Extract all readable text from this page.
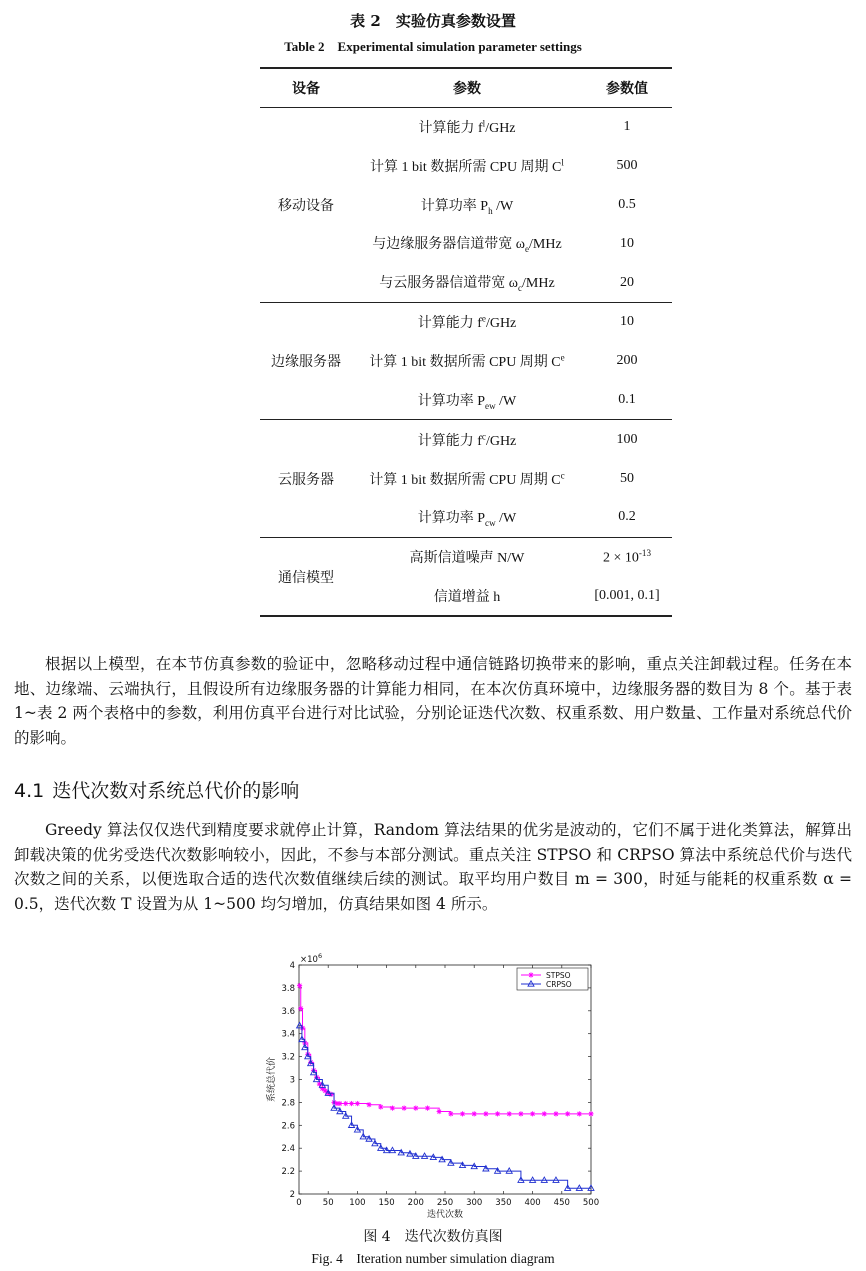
表 2　实验仿真参数设置
Table 2　Experimental simulation parameter settings
设备	参数	参数值
移动设备	计算能力 $f^l$/GHz	1
	计算 1 bit 数据所需 CPU 周期 $C^l$	500
	计算功率 $P_h$ /W	0.5
	与边缘服务器信道带宽 $\omega_e$/MHz	10
	与云服务器信道带宽 $\omega_c$/MHz	20
边缘服务器	计算能力 $f^e$/GHz	10
	计算 1 bit 数据所需 CPU 周期 Ce	200
	计算功率 $P_{ew}$ /W	0.1
云服务器	计算能力 $f^c$/GHz	100
	计算 1 bit 数据所需 CPU 周期 $C^c$	50
	计算功率 $P_{cw}$ /W	0.2
通信模型	高斯信道噪声 N/W	$2 \times 10^{-13}$
	信道增益 h	[0.001, 0.1]

根据以上模型，在本节仿真参数的验证中，忽略移动过程中通信链路切换带来的影响，重点关注卸载过程。任务在本地、边缘端、云端执行，且假设所有边缘服务器的计算能力相同，在本次仿真环境中，边缘服务器的数目为 8 个。基于表 1~表 2 两个表格中的参数，利用仿真平台进行对比试验，分别论证迭代次数、权重系数、用户数量、工作量对系统总代价的影响。

4.1 迭代次数对系统总代价的影响

Greedy 算法仅仅迭代到精度要求就停止计算，Random 算法结果的优劣是波动的，它们不属于进化类算法，解算出卸载决策的优劣受迭代次数影响较小，因此，不参与本部分测试。重点关注 STPSO 和 CRPSO 算法中系统总代价与迭代次数之间的关系，以便选取合适的迭代次数值继续后续的测试。取平均用户数目 m = 300，时延与能耗的权重系数 α = 0.5，迭代次数 T 设置为从 1~500 均匀增加，仿真结果如图 4 所示。

0 50 100 150 200 250 300 350 400 450 500
2
2.2
2.4
2.6
2.8
3
3.2
3.4
3.6
3.8
4
$\times 10^6$
迭代次数
系统总代价
STPSO
CRPSO
图 4　迭代次数仿真图
Fig. 4　Iteration number simulation diagram
